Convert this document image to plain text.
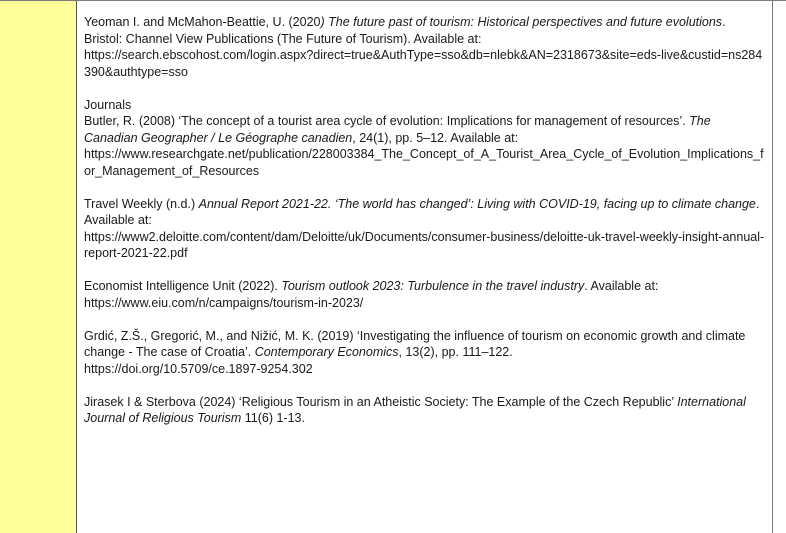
Yeoman I. and McMahon-Beattie, U. (2020) The future past of tourism: Historical perspectives and future evolutions. Bristol: Channel View Publications (The Future of Tourism). Available at:
https://search.ebscohost.com/login.aspx?direct=true&AuthType=sso&db=nlebk&AN=2318673&site=eds-live&custid=ns284390&authtype=sso

Journals

Butler, R. (2008) ‘The concept of a tourist area cycle of evolution: Implications for management of resources’. The Canadian Geographer / Le Géographe canadien, 24(1), pp. 5–12. Available at:
https://www.researchgate.net/publication/228003384_The_Concept_of_A_Tourist_Area_Cycle_of_Evolution_Implications_for_Management_of_Resources

Travel Weekly (n.d.) Annual Report 2021-22. ‘The world has changed’: Living with COVID-19, facing up to climate change. Available at:
https://www2.deloitte.com/content/dam/Deloitte/uk/Documents/consumer-business/deloitte-uk-travel-weekly-insight-annual-report-2021-22.pdf

Economist Intelligence Unit (2022). Tourism outlook 2023: Turbulence in the travel industry. Available at: https://www.eiu.com/n/campaigns/tourism-in-2023/

Grdić, Z.Š., Gregorić, M., and Nižić, M. K. (2019) ‘Investigating the influence of tourism on economic growth and climate change - The case of Croatia’. Contemporary Economics, 13(2), pp. 111–122.
https://doi.org/10.5709/ce.1897-9254.302

Jirasek I & Sterbova (2024) ‘Religious Tourism in an Atheistic Society: The Example of the Czech Republic’ International Journal of Religious Tourism 11(6) 1-13.
